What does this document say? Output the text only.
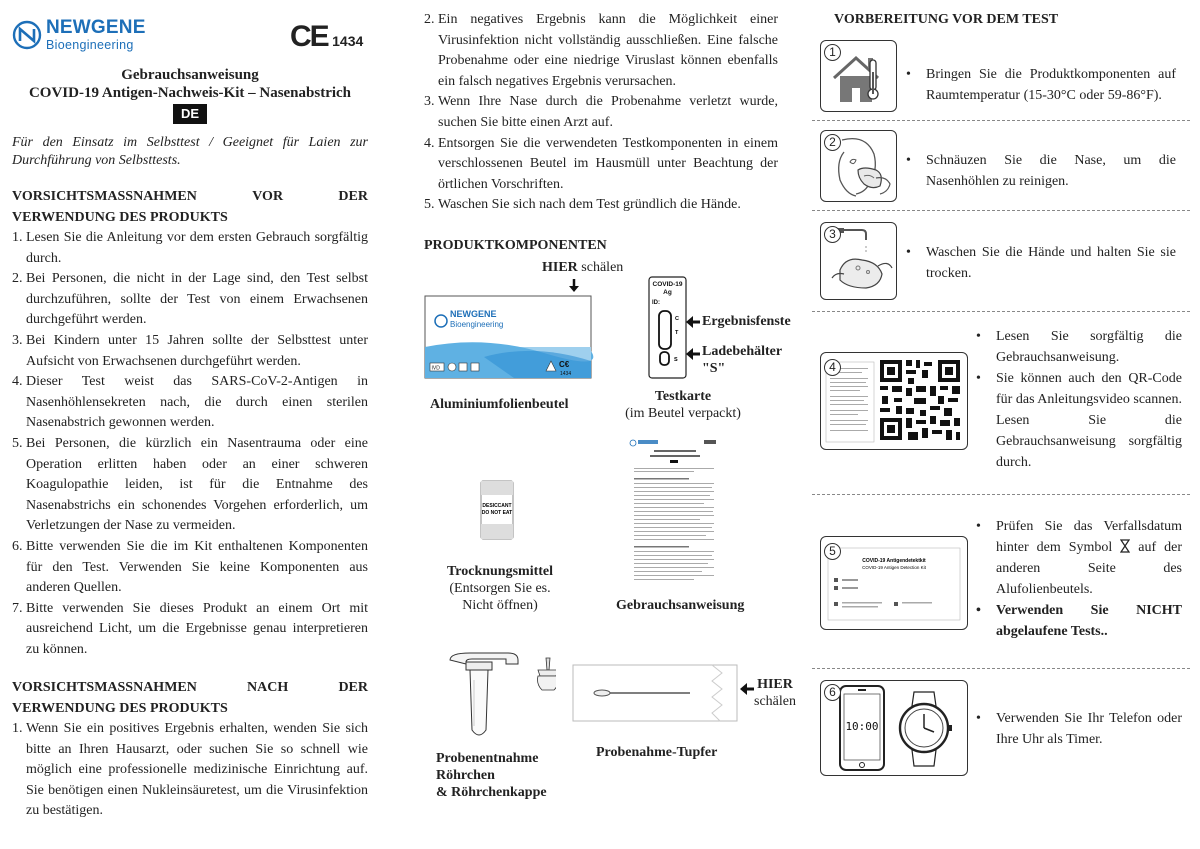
NEWGENE
Bioengineering	CE 1434
Gebrauchsanweisung
COVID-19 Antigen-Nachweis-Kit – Nasenabstrich
DE
Für den Einsatz im Selbsttest / Geeignet für Laien zur Durchführung von Selbsttests.
VORSICHTSMASSNAHMEN	VOR	DER
VERWENDUNG DES PRODUKTS
1. Lesen Sie die Anleitung vor dem ersten Gebrauch sorgfältig durch.
2. Bei Personen, die nicht in der Lage sind, den Test selbst durchzuführen, sollte der Test von einem Erwachsenen durchgeführt werden.
3. Bei Kindern unter 15 Jahren sollte der Selbsttest unter Aufsicht von Erwachsenen durchgeführt werden.
4. Dieser Test weist das SARS-CoV-2-Antigen in Nasenhöhlensekreten nach, die durch einen sterilen Nasenabstrich gewonnen werden.
5. Bei Personen, die kürzlich ein Nasentrauma oder eine Operation erlitten haben oder an einer schweren Koagulopathie leiden, ist für die Entnahme des Nasenabstrichs ein schonendes Vorgehen erforderlich, um Verletzungen der Nase zu vermeiden.
6. Bitte verwenden Sie die im Kit enthaltenen Komponenten für den Test. Verwenden Sie keine Komponenten aus anderen Quellen.
7. Bitte verwenden Sie dieses Produkt an einem Ort mit ausreichend Licht, um die Ergebnisse genau interpretieren zu können.
VORSICHTSMASSNAHMEN	NACH	DER
VERWENDUNG DES PRODUKTS
1. Wenn Sie ein positives Ergebnis erhalten, wenden Sie sich bitte an Ihren Hausarzt, oder suchen Sie so schnell wie möglich eine professionelle medizinische Einrichtung auf. Sie benötigen einen Nukleinsäuretest, um die Virusinfektion zu bestätigen.
2. Ein negatives Ergebnis kann die Möglichkeit einer Virusinfektion nicht vollständig ausschließen. Eine falsche Probenahme oder eine niedrige Viruslast können ebenfalls ein falsch negatives Ergebnis verursachen.
3. Wenn Ihre Nase durch die Probenahme verletzt wurde, suchen Sie bitte einen Arzt auf.
4. Entsorgen Sie die verwendeten Testkomponenten in einem verschlossenen Beutel im Hausmüll unter Beachtung der örtlichen Vorschriften.
5. Waschen Sie sich nach dem Test gründlich die Hände.
PRODUKTKOMPONENTEN
HIER schälen
NEWGENE
Bioengineering
IVD	C€
1434
Aluminiumfolienbeutel
COVID-19
Ag
ID:
C
T
S
Ergebnisfenste
Ladebehälter
"S"
Testkarte
(im Beutel verpackt)
DESICCANT
DO NOT EAT
Trocknungsmittel
(Entsorgen Sie es.
Nicht öffnen)	Gebrauchsanweisung
Probenentnahme
Röhrchen
& Röhrchenkappe
HIER
schälen
Probenahme-Tupfer
VORBEREITUNG VOR DEM TEST
1
•	Bringen Sie die Produktkomponenten auf Raumtemperatur (15-30°C oder 59-86°F).
2
•	Schnäuzen Sie die Nase, um die Nasenhöhlen zu reinigen.
3
•	Waschen Sie die Hände und halten Sie sie trocken.
4
•	Lesen Sie sorgfältig die Gebrauchsanweisung.
•	Sie können auch den QR-Code für das Anleitungsvideo scannen. Lesen Sie die Gebrauchsanweisung sorgfältig durch.
COVID-19 Antigendetektkit
COVID-19 Antigen Detection Kit
5
•	Prüfen Sie das Verfallsdatum hinter dem Symbol auf der anderen Seite des Alufolienbeutels.
•	Verwenden Sie NICHT abgelaufene Tests..
10:00
6
•	Verwenden Sie Ihr Telefon oder Ihre Uhr als Timer.
